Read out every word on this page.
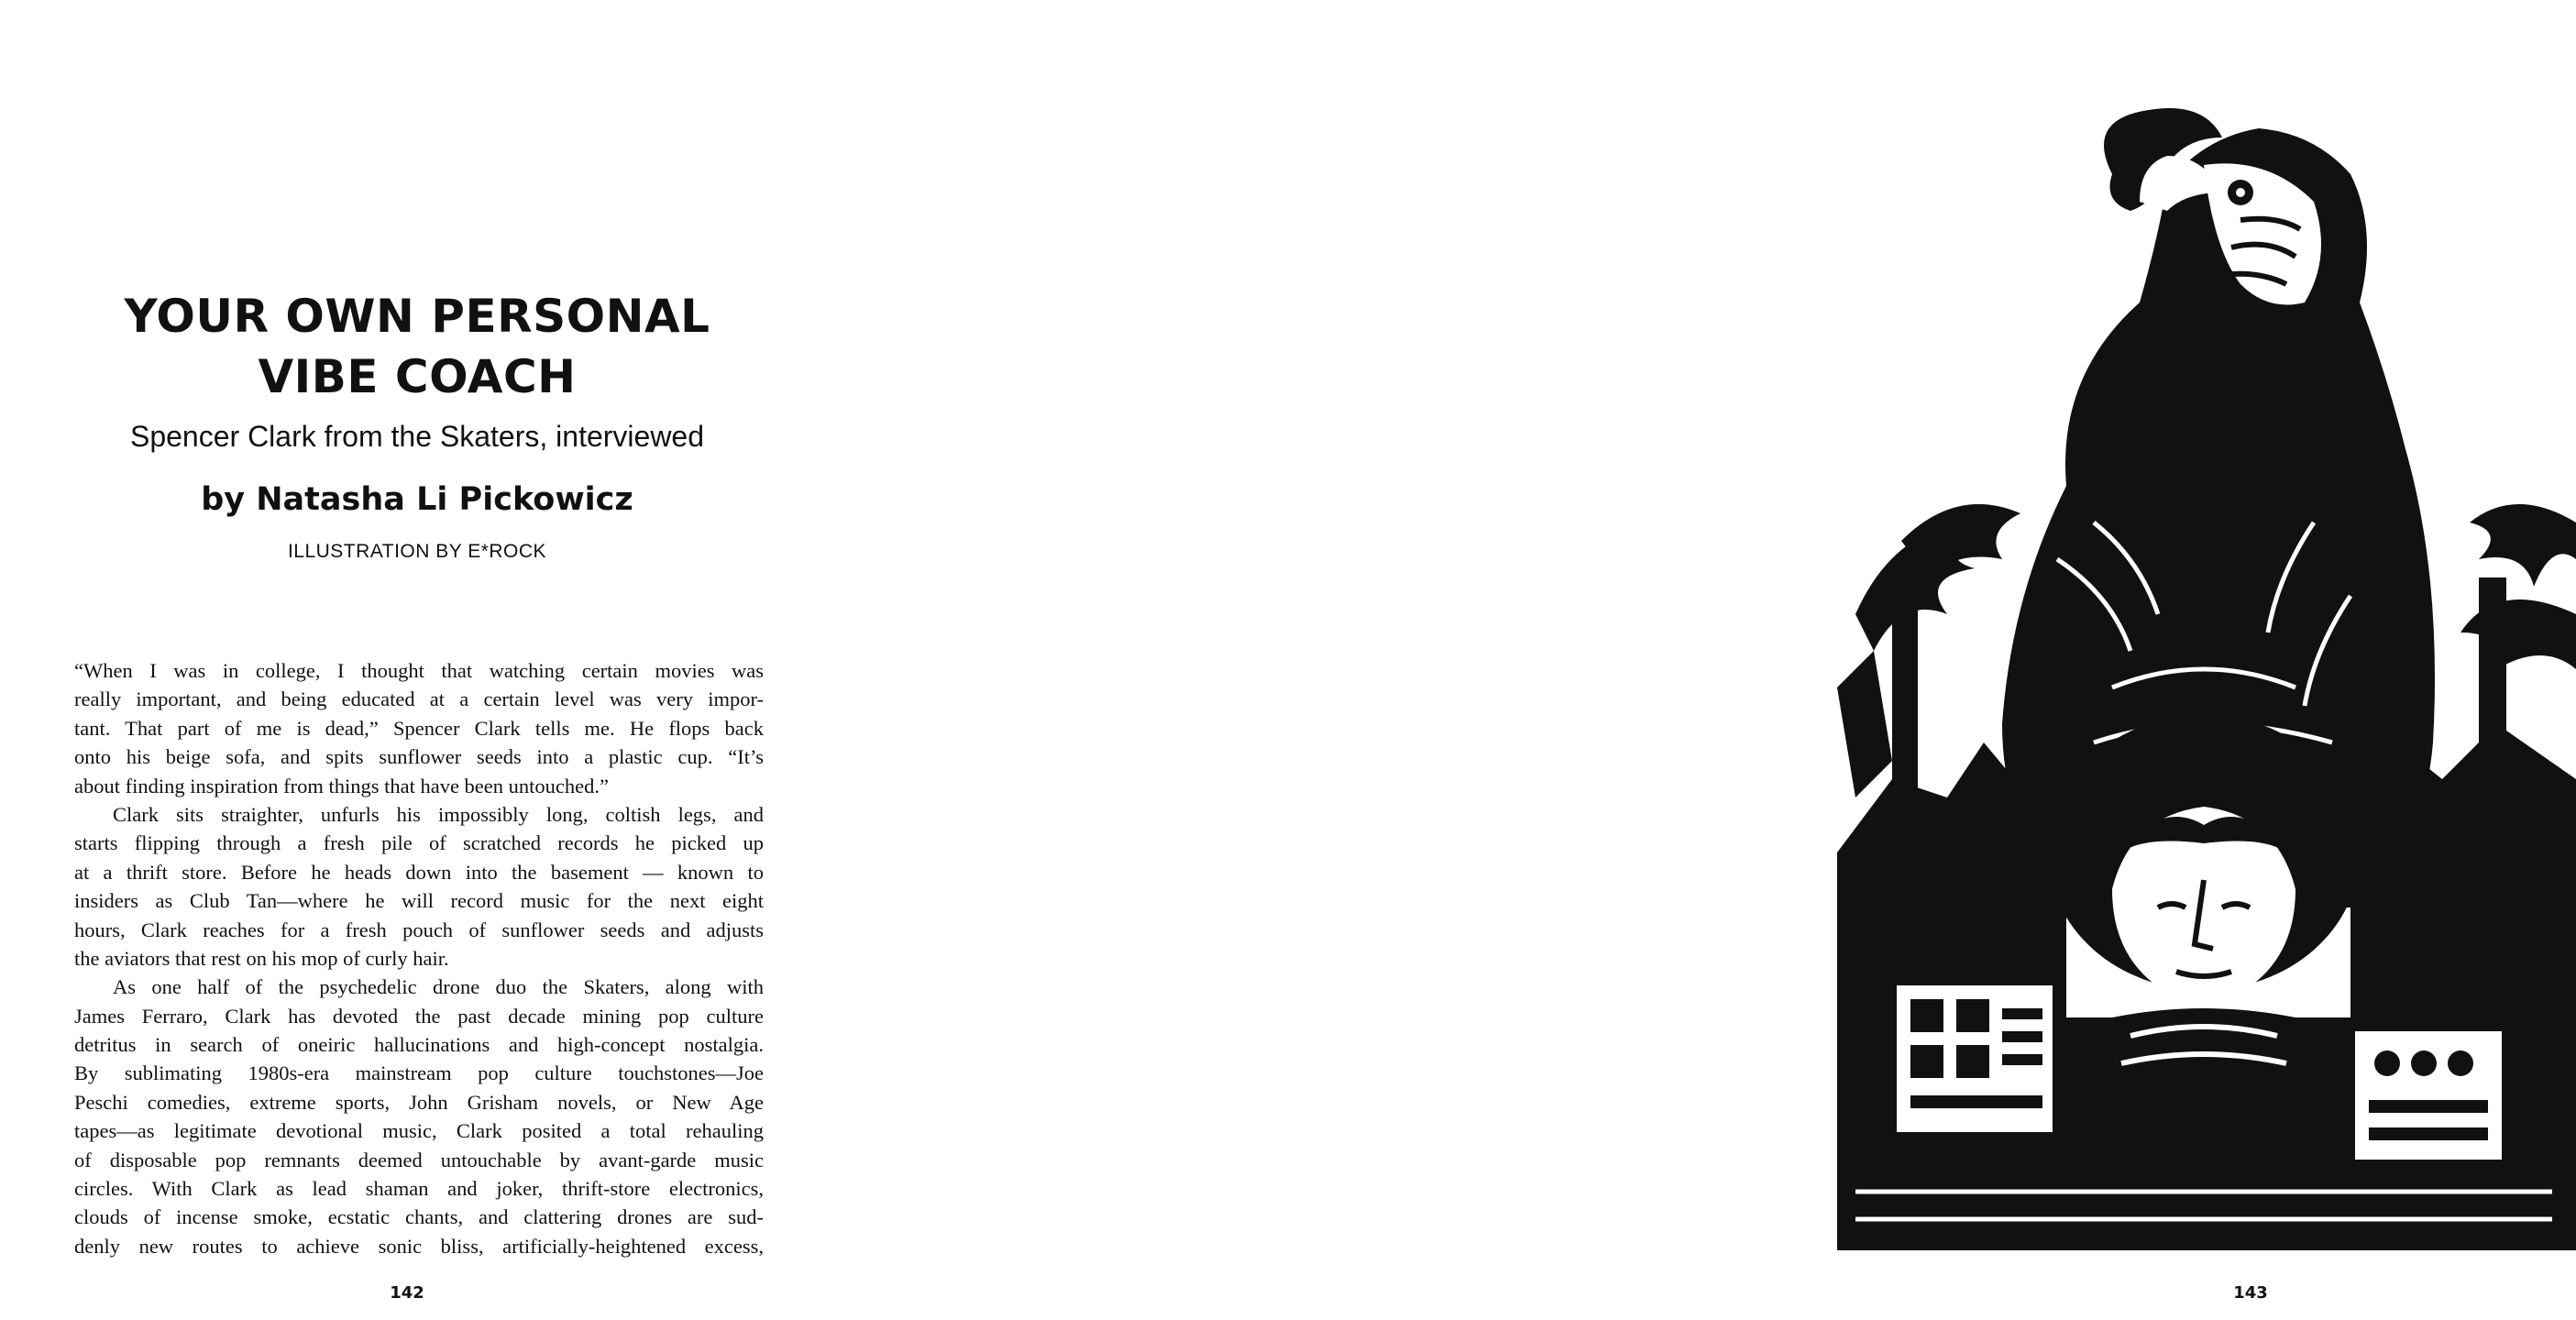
YOUR OWN PERSONAL
VIBE COACH

Spencer Clark from the Skaters, interviewed

by Natasha Li Pickowicz

ILLUSTRATION BY E*ROCK

“When I was in college, I thought that watching certain movies was
really important, and being educated at a certain level was very impor-
tant. That part of me is dead,” Spencer Clark tells me. He flops back
onto his beige sofa, and spits sunflower seeds into a plastic cup. “It’s
about finding inspiration from things that have been untouched.”
Clark sits straighter, unfurls his impossibly long, coltish legs, and
starts flipping through a fresh pile of scratched records he picked up
at a thrift store. Before he heads down into the basement — known to
insiders as Club Tan—where he will record music for the next eight
hours, Clark reaches for a fresh pouch of sunflower seeds and adjusts
the aviators that rest on his mop of curly hair.
As one half of the psychedelic drone duo the Skaters, along with
James Ferraro, Clark has devoted the past decade mining pop culture
detritus in search of oneiric hallucinations and high-concept nostalgia.
By sublimating 1980s-era mainstream pop culture touchstones—Joe
Peschi comedies, extreme sports, John Grisham novels, or New Age
tapes—as legitimate devotional music, Clark posited a total rehauling
of disposable pop remnants deemed untouchable by avant-garde music
circles. With Clark as lead shaman and joker, thrift-store electronics,
clouds of incense smoke, ecstatic chants, and clattering drones are sud-
denly new routes to achieve sonic bliss, artificially-heightened excess,
142	143
